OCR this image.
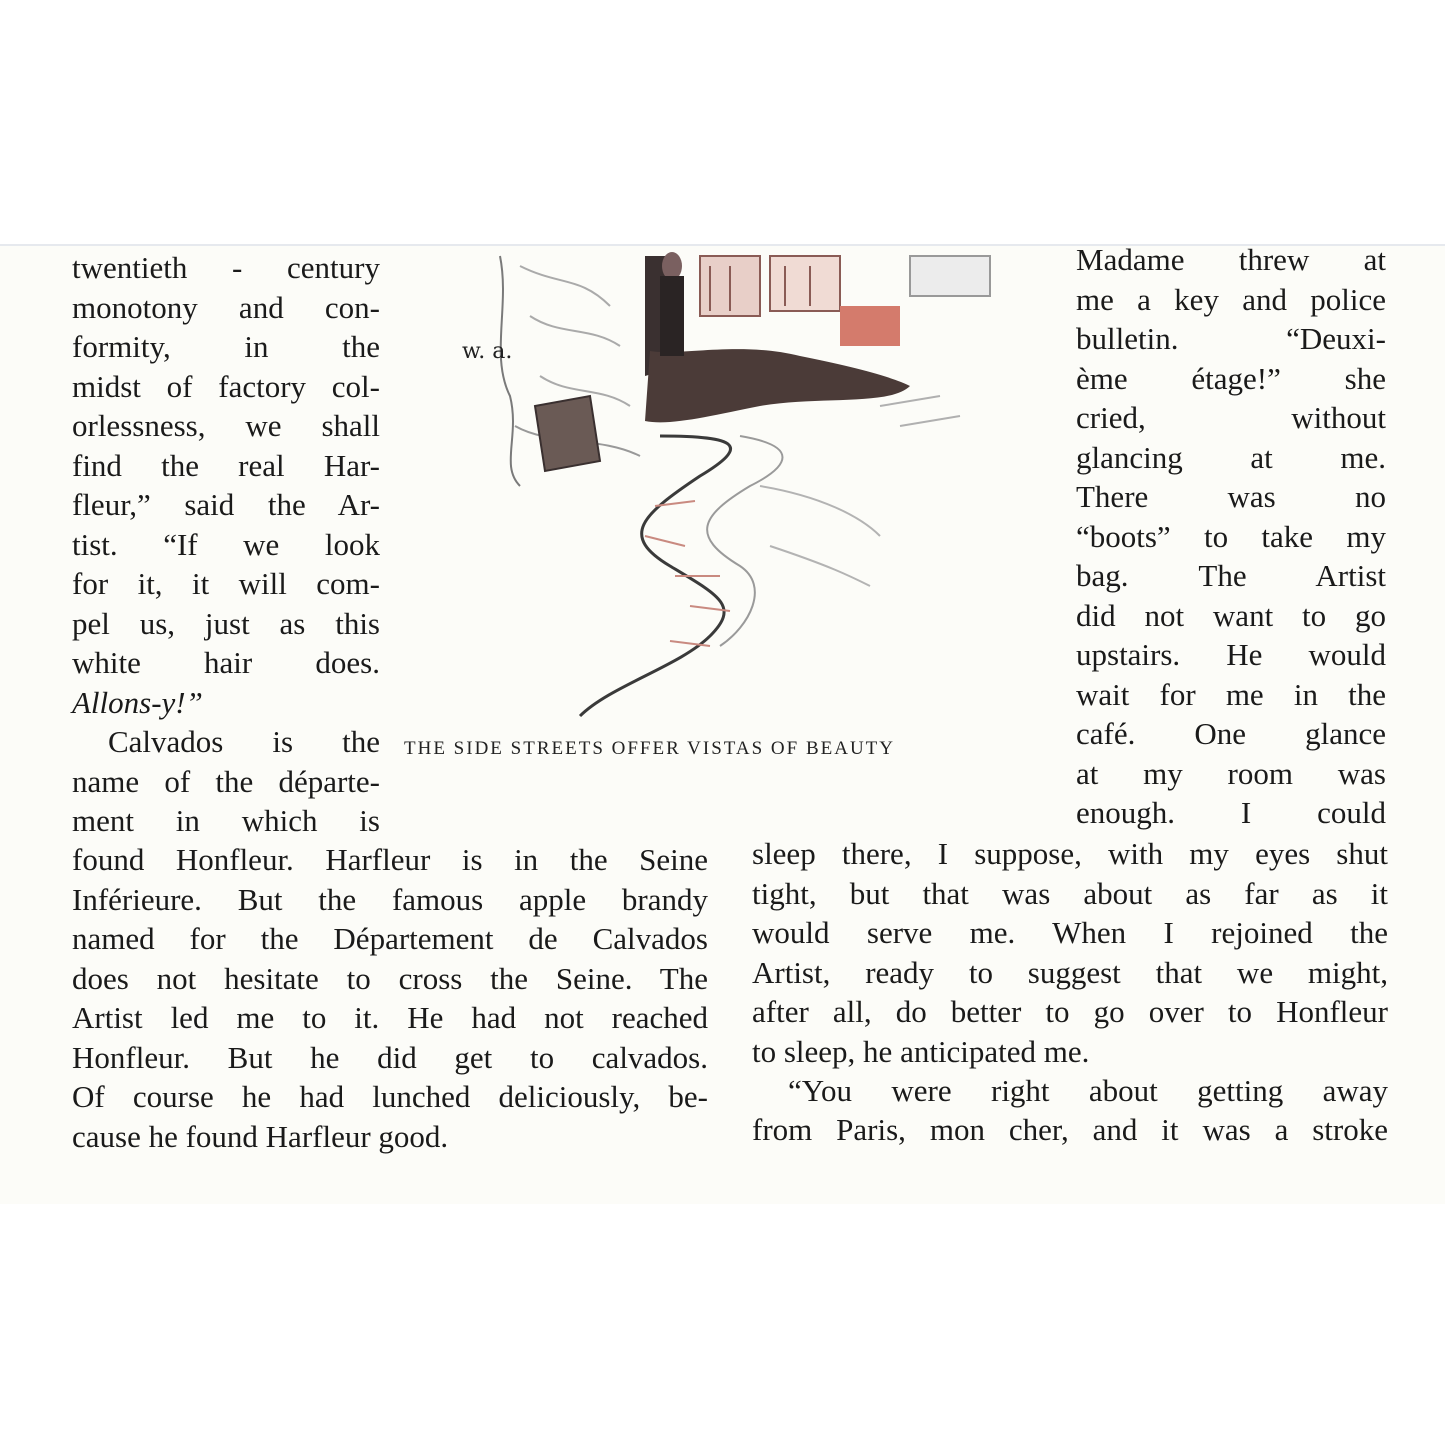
w. a.
THE SIDE STREETS OFFER VISTAS OF BEAUTY
twentieth - century
monotony and con-
formity, in the
midst of factory col-
orlessness, we shall
find the real Har-
fleur,” said the Ar-
tist. “If we look
for it, it will com-
pel us, just as this
white hair does.
Allons-y!”
Calvados is the
name of the départe-
ment in which is
found Honfleur. Harfleur is in the Seine
Inférieure. But the famous apple brandy
named for the Département de Calvados
does not hesitate to cross the Seine. The
Artist led me to it. He had not reached
Honfleur. But he did get to calvados.
Of course he had lunched deliciously, be-
cause he found Harfleur good.
Madame threw at
me a key and police
bulletin. “Deuxi-
ème étage!” she
cried, without
glancing at me.
There was no
“boots” to take my
bag. The Artist
did not want to go
upstairs. He would
wait for me in the
café. One glance
at my room was
enough. I could
sleep there, I suppose, with my eyes shut
tight, but that was about as far as it
would serve me. When I rejoined the
Artist, ready to suggest that we might,
after all, do better to go over to Honfleur
to sleep, he anticipated me.
“You were right about getting away
from Paris, mon cher, and it was a stroke
